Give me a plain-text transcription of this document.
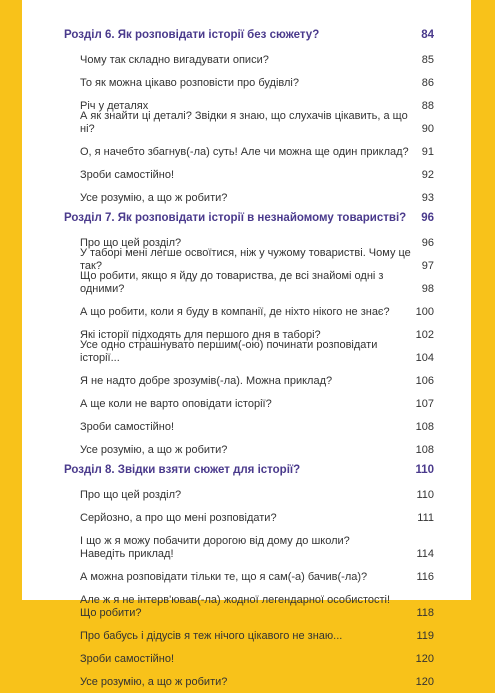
Розділ 6. Як розповідати історії без сюжету?	84
Чому так складно вигадувати описи?	85
То як можна цікаво розповісти про будівлі?	86
Річ у деталях	88
А як знайти ці деталі? Звідки я знаю, що слухачів цікавить, а що ні?	90
О, я начебто збагнув(-ла) суть! Але чи можна ще один приклад? 91
Зроби самостійно!	92
Усе розумію, а що ж робити?	93
Розділ 7. Як розповідати історії в незнайомому товаристві?	96
Про що цей розділ?	96
У таборі мені легше освоїтися, ніж у чужому товаристві. Чому це так?	97
Що робити, якщо я йду до товариства, де всі знайомі одні з одними?	98
А що робити, коли я буду в компанії, де ніхто нікого не знає?	100
Які історії підходять для першого дня в таборі?	102
Усе одно страшнувато першим(-ою) починати розповідати історії...	104
Я не надто добре зрозумів(-ла). Можна приклад?	106
А ще коли не варто оповідати історії?	107
Зроби самостійно!	108
Усе розумію, а що ж робити?	108
Розділ 8. Звідки взяти сюжет для історії?	110
Про що цей розділ?	110
Серйозно, а про що мені розповідати?	111
І що ж я можу побачити дорогою від дому до школи?
Наведіть приклад!	114
А можна розповідати тільки те, що я сам(-а) бачив(-ла)?	116
Але ж я не інтерв'ював(-ла) жодної легендарної особистості!
Що робити?	118
Про бабусь і дідусів я теж нічого цікавого не знаю...	119
Зроби самостійно!	120
Усе розумію, а що ж робити?	120
